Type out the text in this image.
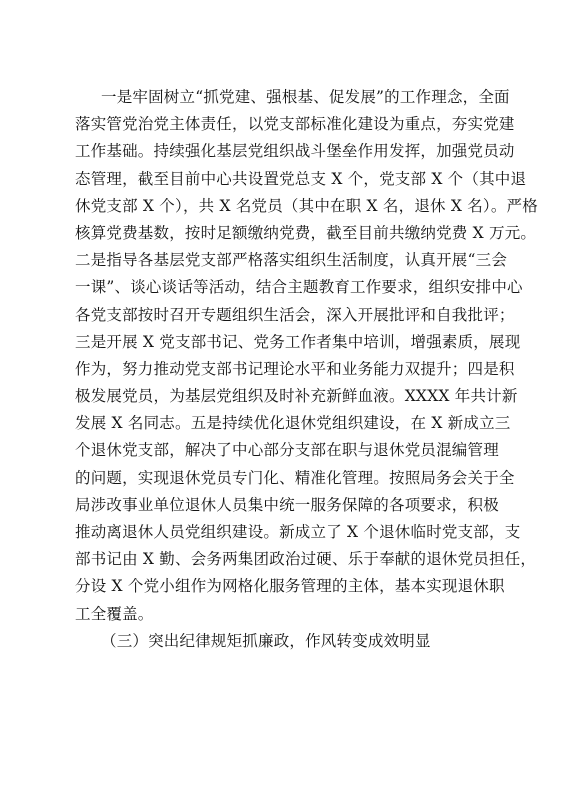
一是牢固树立“抓党建、强根基、促发展”的工作理念，全面
落实管党治党主体责任，以党支部标准化建设为重点，夯实党建
工作基础。持续强化基层党组织战斗堡垒作用发挥，加强党员动
态管理，截至目前中心共设置党总支 X 个，党支部 X 个（其中退
休党支部 X 个），共 X 名党员（其中在职 X 名，退休 X 名）。严格
核算党费基数，按时足额缴纳党费，截至目前共缴纳党费 X 万元。
二是指导各基层党支部严格落实组织生活制度，认真开展“三会
一课”、谈心谈话等活动，结合主题教育工作要求，组织安排中心
各党支部按时召开专题组织生活会，深入开展批评和自我批评；
三是开展 X 党支部书记、党务工作者集中培训，增强素质，展现
作为，努力推动党支部书记理论水平和业务能力双提升；四是积
极发展党员，为基层党组织及时补充新鲜血液。XXXX 年共计新
发展 X 名同志。五是持续优化退休党组织建设，在 X 新成立三
个退休党支部，解决了中心部分支部在职与退休党员混编管理
的问题，实现退休党员专门化、精准化管理。按照局务会关于全
局涉改事业单位退休人员集中统一服务保障的各项要求，积极
推动离退休人员党组织建设。新成立了 X 个退休临时党支部，支
部书记由 X 勤、会务两集团政治过硬、乐于奉献的退休党员担任，
分设 X 个党小组作为网格化服务管理的主体，基本实现退休职
工全覆盖。
（三）突出纪律规矩抓廉政，作风转变成效明显
